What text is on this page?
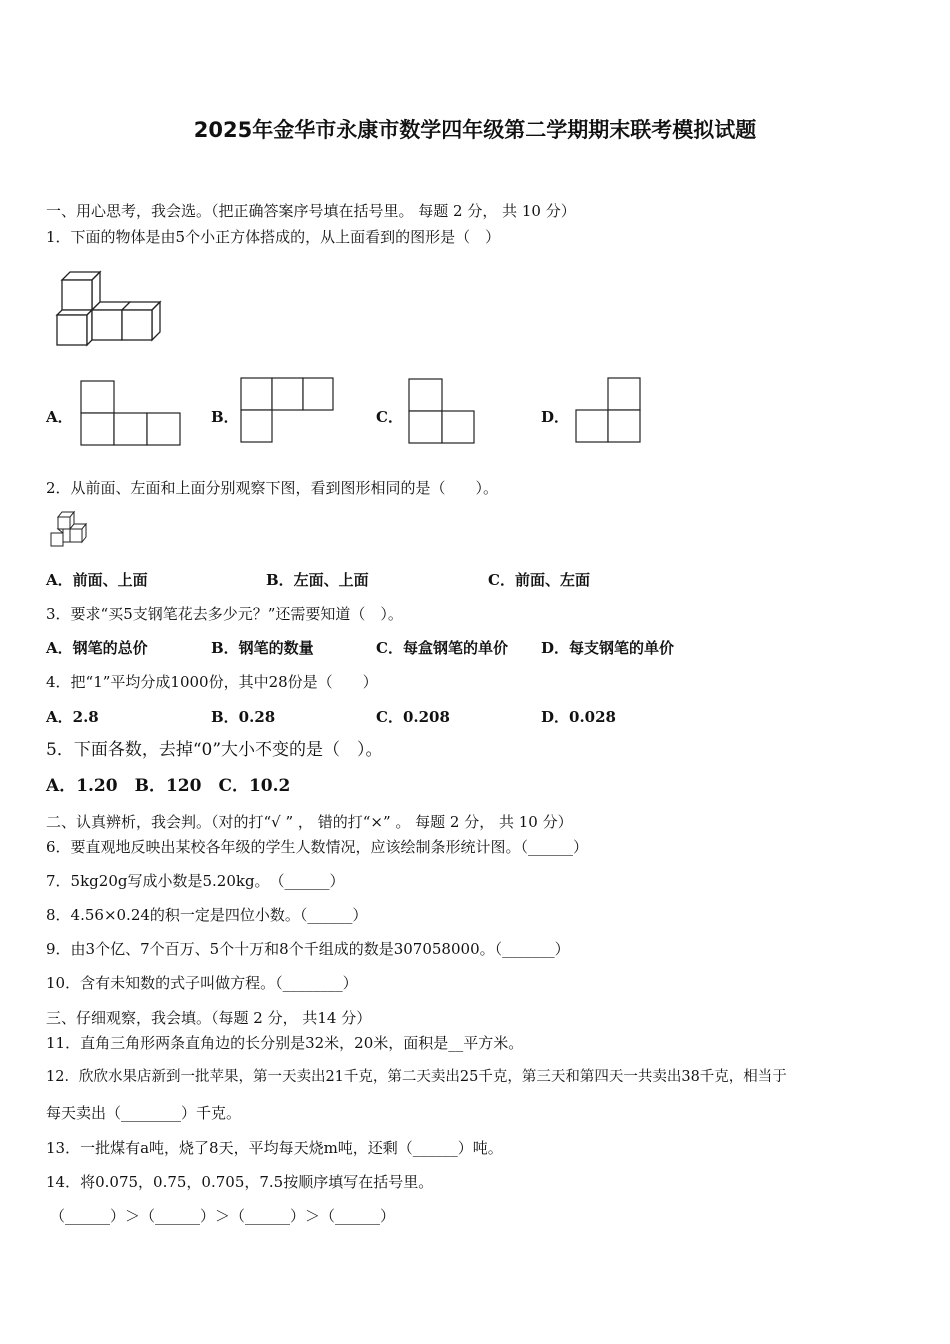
2025年金华市永康市数学四年级第二学期期末联考模拟试题
一、用心思考，我会选。（把正确答案序号填在括号里。 每题 2 分， 共 10 分）
1．下面的物体是由5个小正方体搭成的，从上面看到的图形是（　）
A．	B．	C．	D．
2．从前面、左面和上面分别观察下图，看到图形相同的是（　　）。
A．前面、上面	B．左面、上面	C．前面、左面
3．要求“买5支钢笔花去多少元？”还需要知道（　）。
A．钢笔的总价	B．钢笔的数量	C．每盒钢笔的单价 D．每支钢笔的单价
4．把“1”平均分成1000份，其中28份是（　　）
A．2.8	B．0.28	C．0.208	D．0.028
5．下面各数，去掉“0”大小不变的是（　）。
A．1.20　B．120　C．10.2
二、认真辨析，我会判。（对的打“√ ” ， 错的打“×” 。 每题 2 分， 共 10 分）
6．要直观地反映出某校各年级的学生人数情况，应该绘制条形统计图。（______）
7．5kg20g写成小数是5.20kg。　（______）
8．4.56×0.24的积一定是四位小数。（______）
9．由3个亿、7个百万、5个十万和8个千组成的数是307058000。（_______）
10．含有未知数的式子叫做方程。（________）
三、仔细观察，我会填。（每题 2 分， 共14 分）
11．直角三角形两条直角边的长分别是32米，20米，面积是__平方米。
12．欣欣水果店新到一批苹果，第一天卖出21千克，第二天卖出25千克，第三天和第四天一共卖出38千克，相当于
每天卖出（________）千克。
13．一批煤有a吨，烧了8天，平均每天烧m吨，还剩（______）吨。
14．将0.075，0.75，0.705，7.5按顺序填写在括号里。
（______）＞（______）＞（______）＞（______）
